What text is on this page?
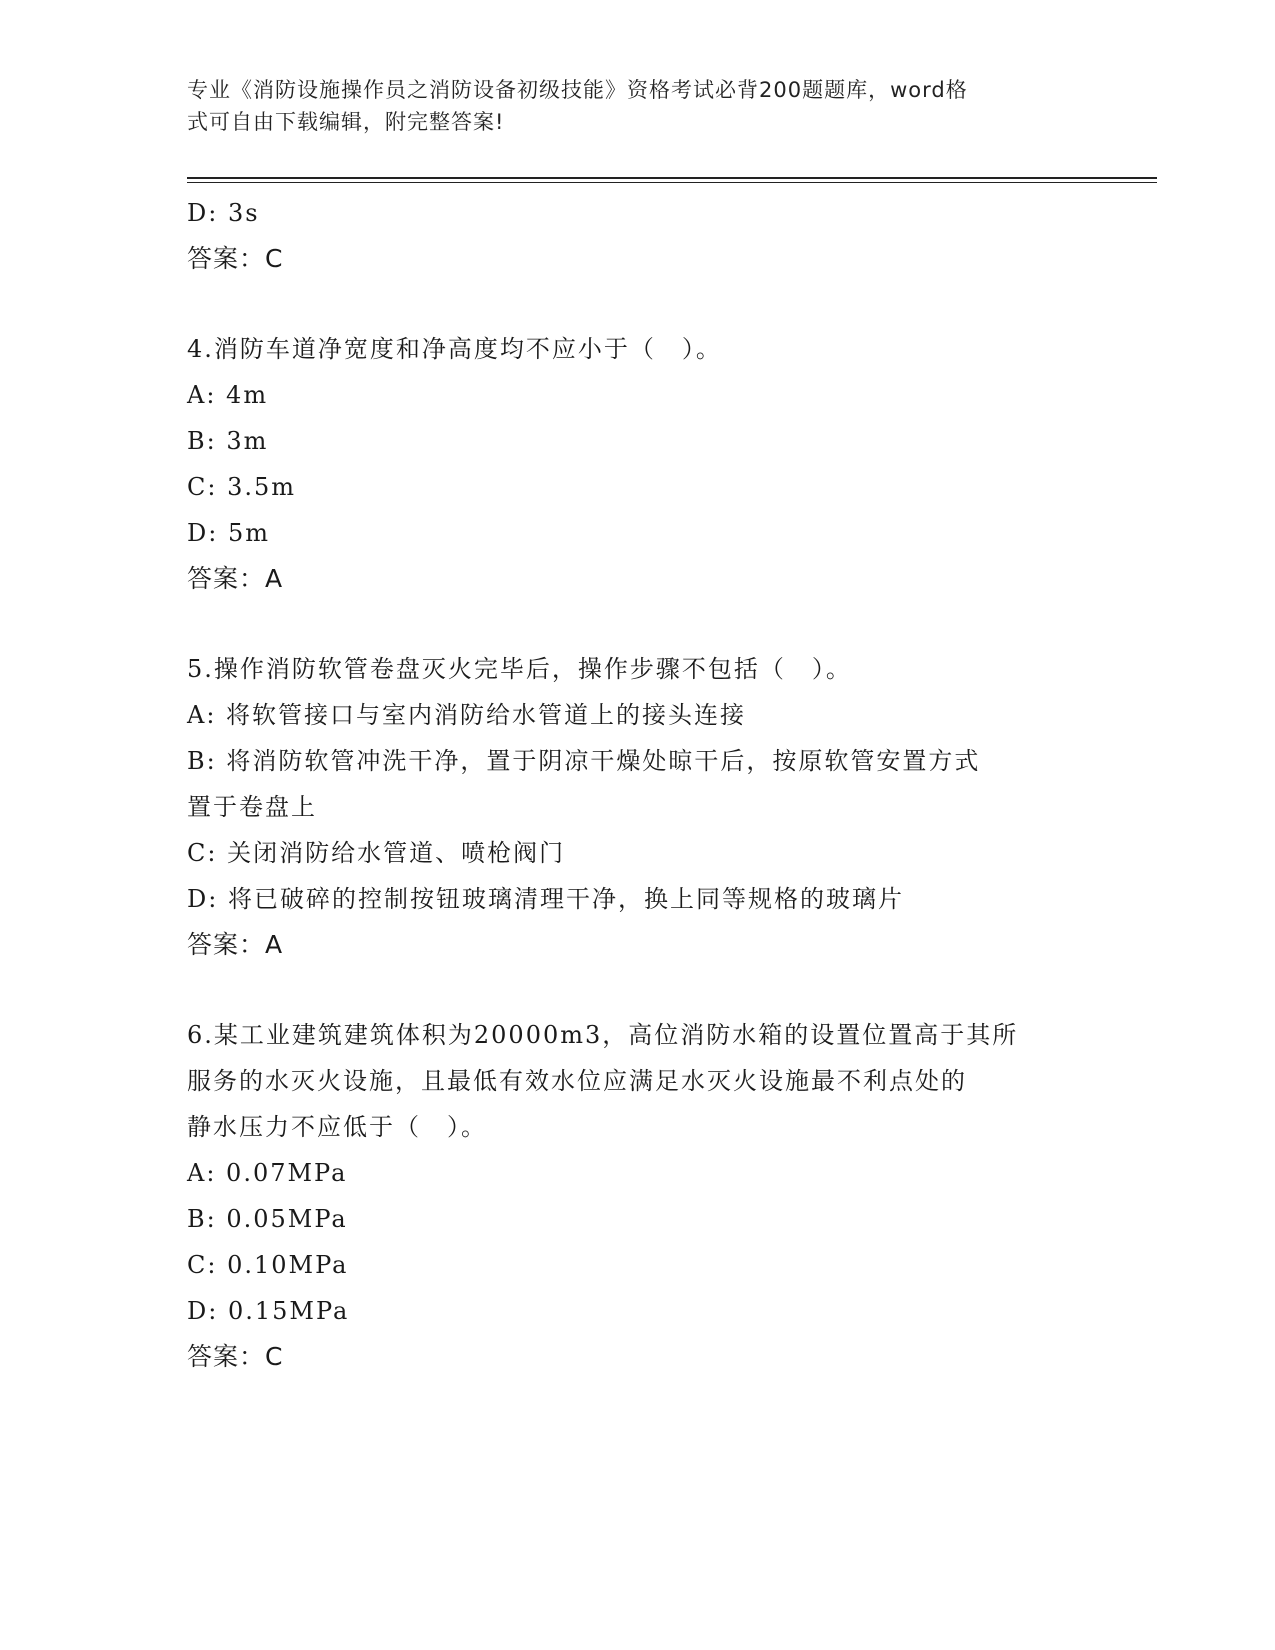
专业《消防设施操作员之消防设备初级技能》资格考试必背200题题库，word格
式可自由下载编辑，附完整答案!
D: 3s
答案：C
4.消防车道净宽度和净高度均不应小于（　）。
A: 4m
B: 3m
C: 3.5m
D: 5m
答案：A
5.操作消防软管卷盘灭火完毕后，操作步骤不包括（　）。
A: 将软管接口与室内消防给水管道上的接头连接
B: 将消防软管冲洗干净，置于阴凉干燥处晾干后，按原软管安置方式
置于卷盘上
C: 关闭消防给水管道、喷枪阀门
D: 将已破碎的控制按钮玻璃清理干净，换上同等规格的玻璃片
答案：A
6.某工业建筑建筑体积为20000m3，高位消防水箱的设置位置高于其所
服务的水灭火设施，且最低有效水位应满足水灭火设施最不利点处的
静水压力不应低于（　）。
A: 0.07MPa
B: 0.05MPa
C: 0.10MPa
D: 0.15MPa
答案：C
